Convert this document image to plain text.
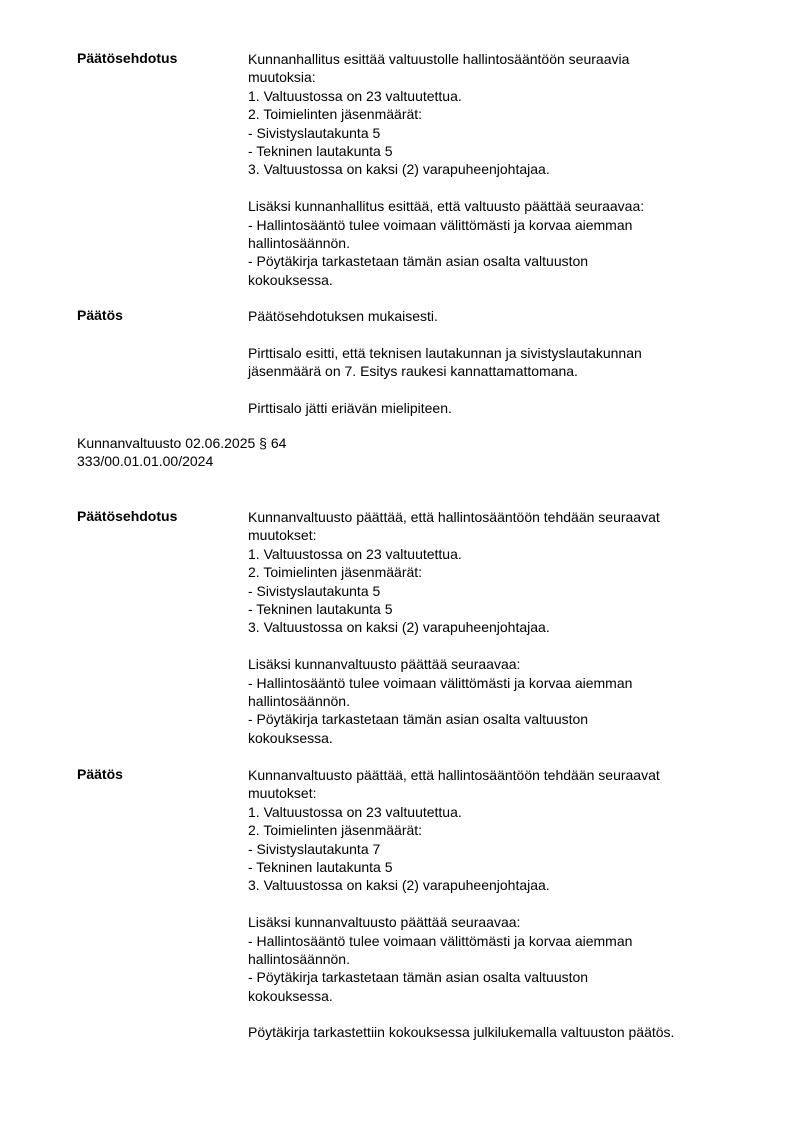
Päätösehdotus	Kunnanhallitus esittää valtuustolle hallintosääntöön seuraavia
muutoksia:
1. Valtuustossa on 23 valtuutettua.
2. Toimielinten jäsenmäärät:
- Sivistyslautakunta 5
- Tekninen lautakunta 5
3. Valtuustossa on kaksi (2) varapuheenjohtajaa.
Lisäksi kunnanhallitus esittää, että valtuusto päättää seuraavaa:
- Hallintosääntö tulee voimaan välittömästi ja korvaa aiemman
hallintosäännön.
- Pöytäkirja tarkastetaan tämän asian osalta valtuuston
kokouksessa.
Päätös	Päätösehdotuksen mukaisesti.
Pirttisalo esitti, että teknisen lautakunnan ja sivistyslautakunnan
jäsenmäärä on 7. Esitys raukesi kannattamattomana.
Pirttisalo jätti eriävän mielipiteen.
Kunnanvaltuusto 02.06.2025 § 64
333/00.01.01.00/2024
Päätösehdotus	Kunnanvaltuusto päättää, että hallintosääntöön tehdään seuraavat
muutokset:
1. Valtuustossa on 23 valtuutettua.
2. Toimielinten jäsenmäärät:
- Sivistyslautakunta 5
- Tekninen lautakunta 5
3. Valtuustossa on kaksi (2) varapuheenjohtajaa.
Lisäksi kunnanvaltuusto päättää seuraavaa:
- Hallintosääntö tulee voimaan välittömästi ja korvaa aiemman
hallintosäännön.
- Pöytäkirja tarkastetaan tämän asian osalta valtuuston
kokouksessa.
Päätös	Kunnanvaltuusto päättää, että hallintosääntöön tehdään seuraavat
muutokset:
1. Valtuustossa on 23 valtuutettua.
2. Toimielinten jäsenmäärät:
- Sivistyslautakunta 7
- Tekninen lautakunta 5
3. Valtuustossa on kaksi (2) varapuheenjohtajaa.
Lisäksi kunnanvaltuusto päättää seuraavaa:
- Hallintosääntö tulee voimaan välittömästi ja korvaa aiemman
hallintosäännön.
- Pöytäkirja tarkastetaan tämän asian osalta valtuuston
kokouksessa.
Pöytäkirja tarkastettiin kokouksessa julkilukemalla valtuuston päätös.
